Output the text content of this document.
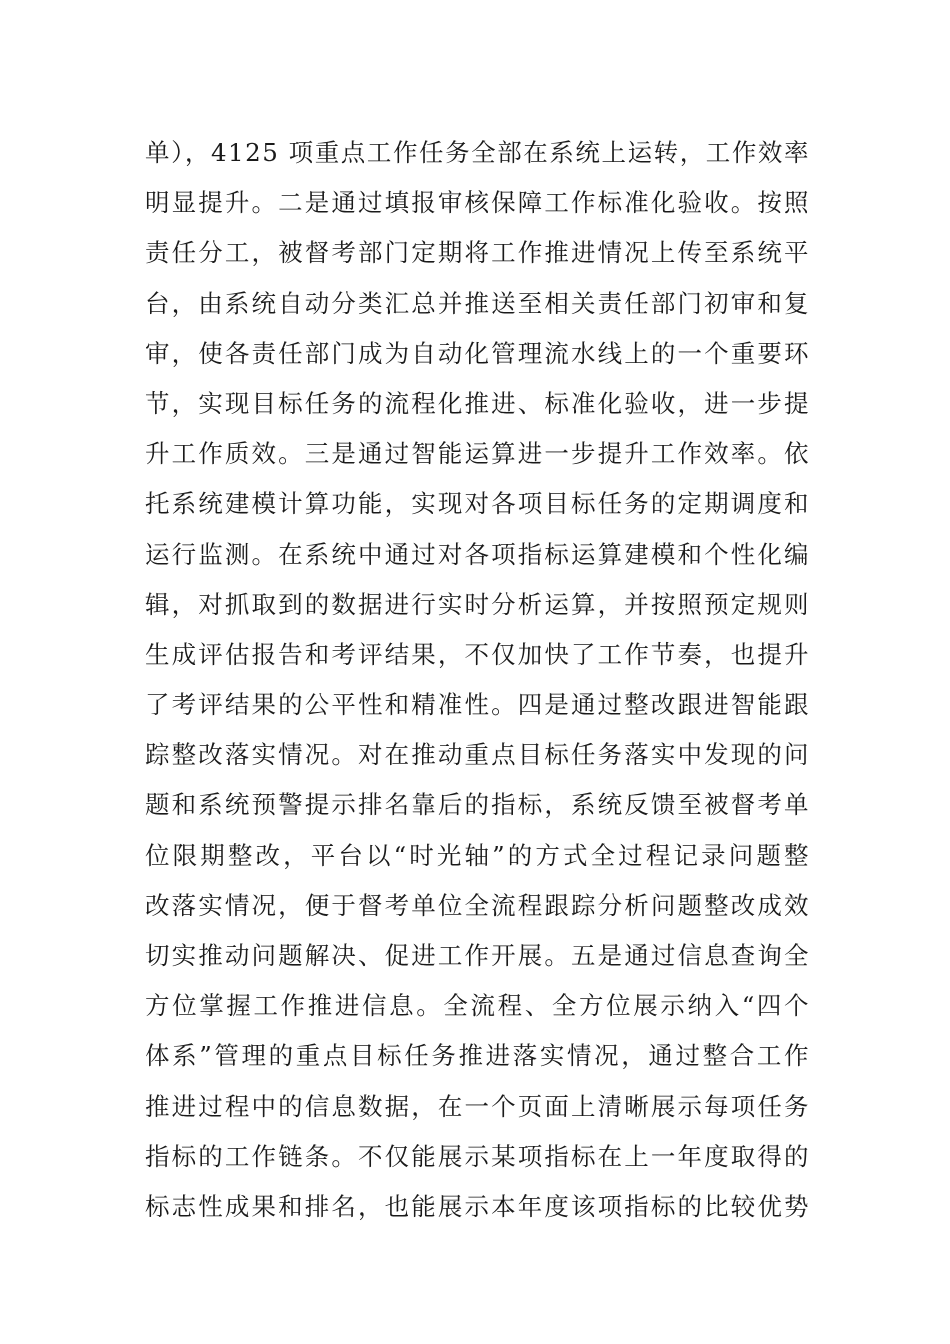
单），4125 项重点工作任务全部在系统上运转，工作效率
明显提升。二是通过填报审核保障工作标准化验收。按照
责任分工，被督考部门定期将工作推进情况上传至系统平
台，由系统自动分类汇总并推送至相关责任部门初审和复
审，使各责任部门成为自动化管理流水线上的一个重要环
节，实现目标任务的流程化推进、标准化验收，进一步提
升工作质效。三是通过智能运算进一步提升工作效率。依
托系统建模计算功能，实现对各项目标任务的定期调度和
运行监测。在系统中通过对各项指标运算建模和个性化编
辑，对抓取到的数据进行实时分析运算，并按照预定规则
生成评估报告和考评结果，不仅加快了工作节奏，也提升
了考评结果的公平性和精准性。四是通过整改跟进智能跟
踪整改落实情况。对在推动重点目标任务落实中发现的问
题和系统预警提示排名靠后的指标，系统反馈至被督考单
位限期整改，平台以“时光轴”的方式全过程记录问题整
改落实情况，便于督考单位全流程跟踪分析问题整改成效
切实推动问题解决、促进工作开展。五是通过信息查询全
方位掌握工作推进信息。全流程、全方位展示纳入“四个
体系”管理的重点目标任务推进落实情况，通过整合工作
推进过程中的信息数据，在一个页面上清晰展示每项任务
指标的工作链条。不仅能展示某项指标在上一年度取得的
标志性成果和排名，也能展示本年度该项指标的比较优势
